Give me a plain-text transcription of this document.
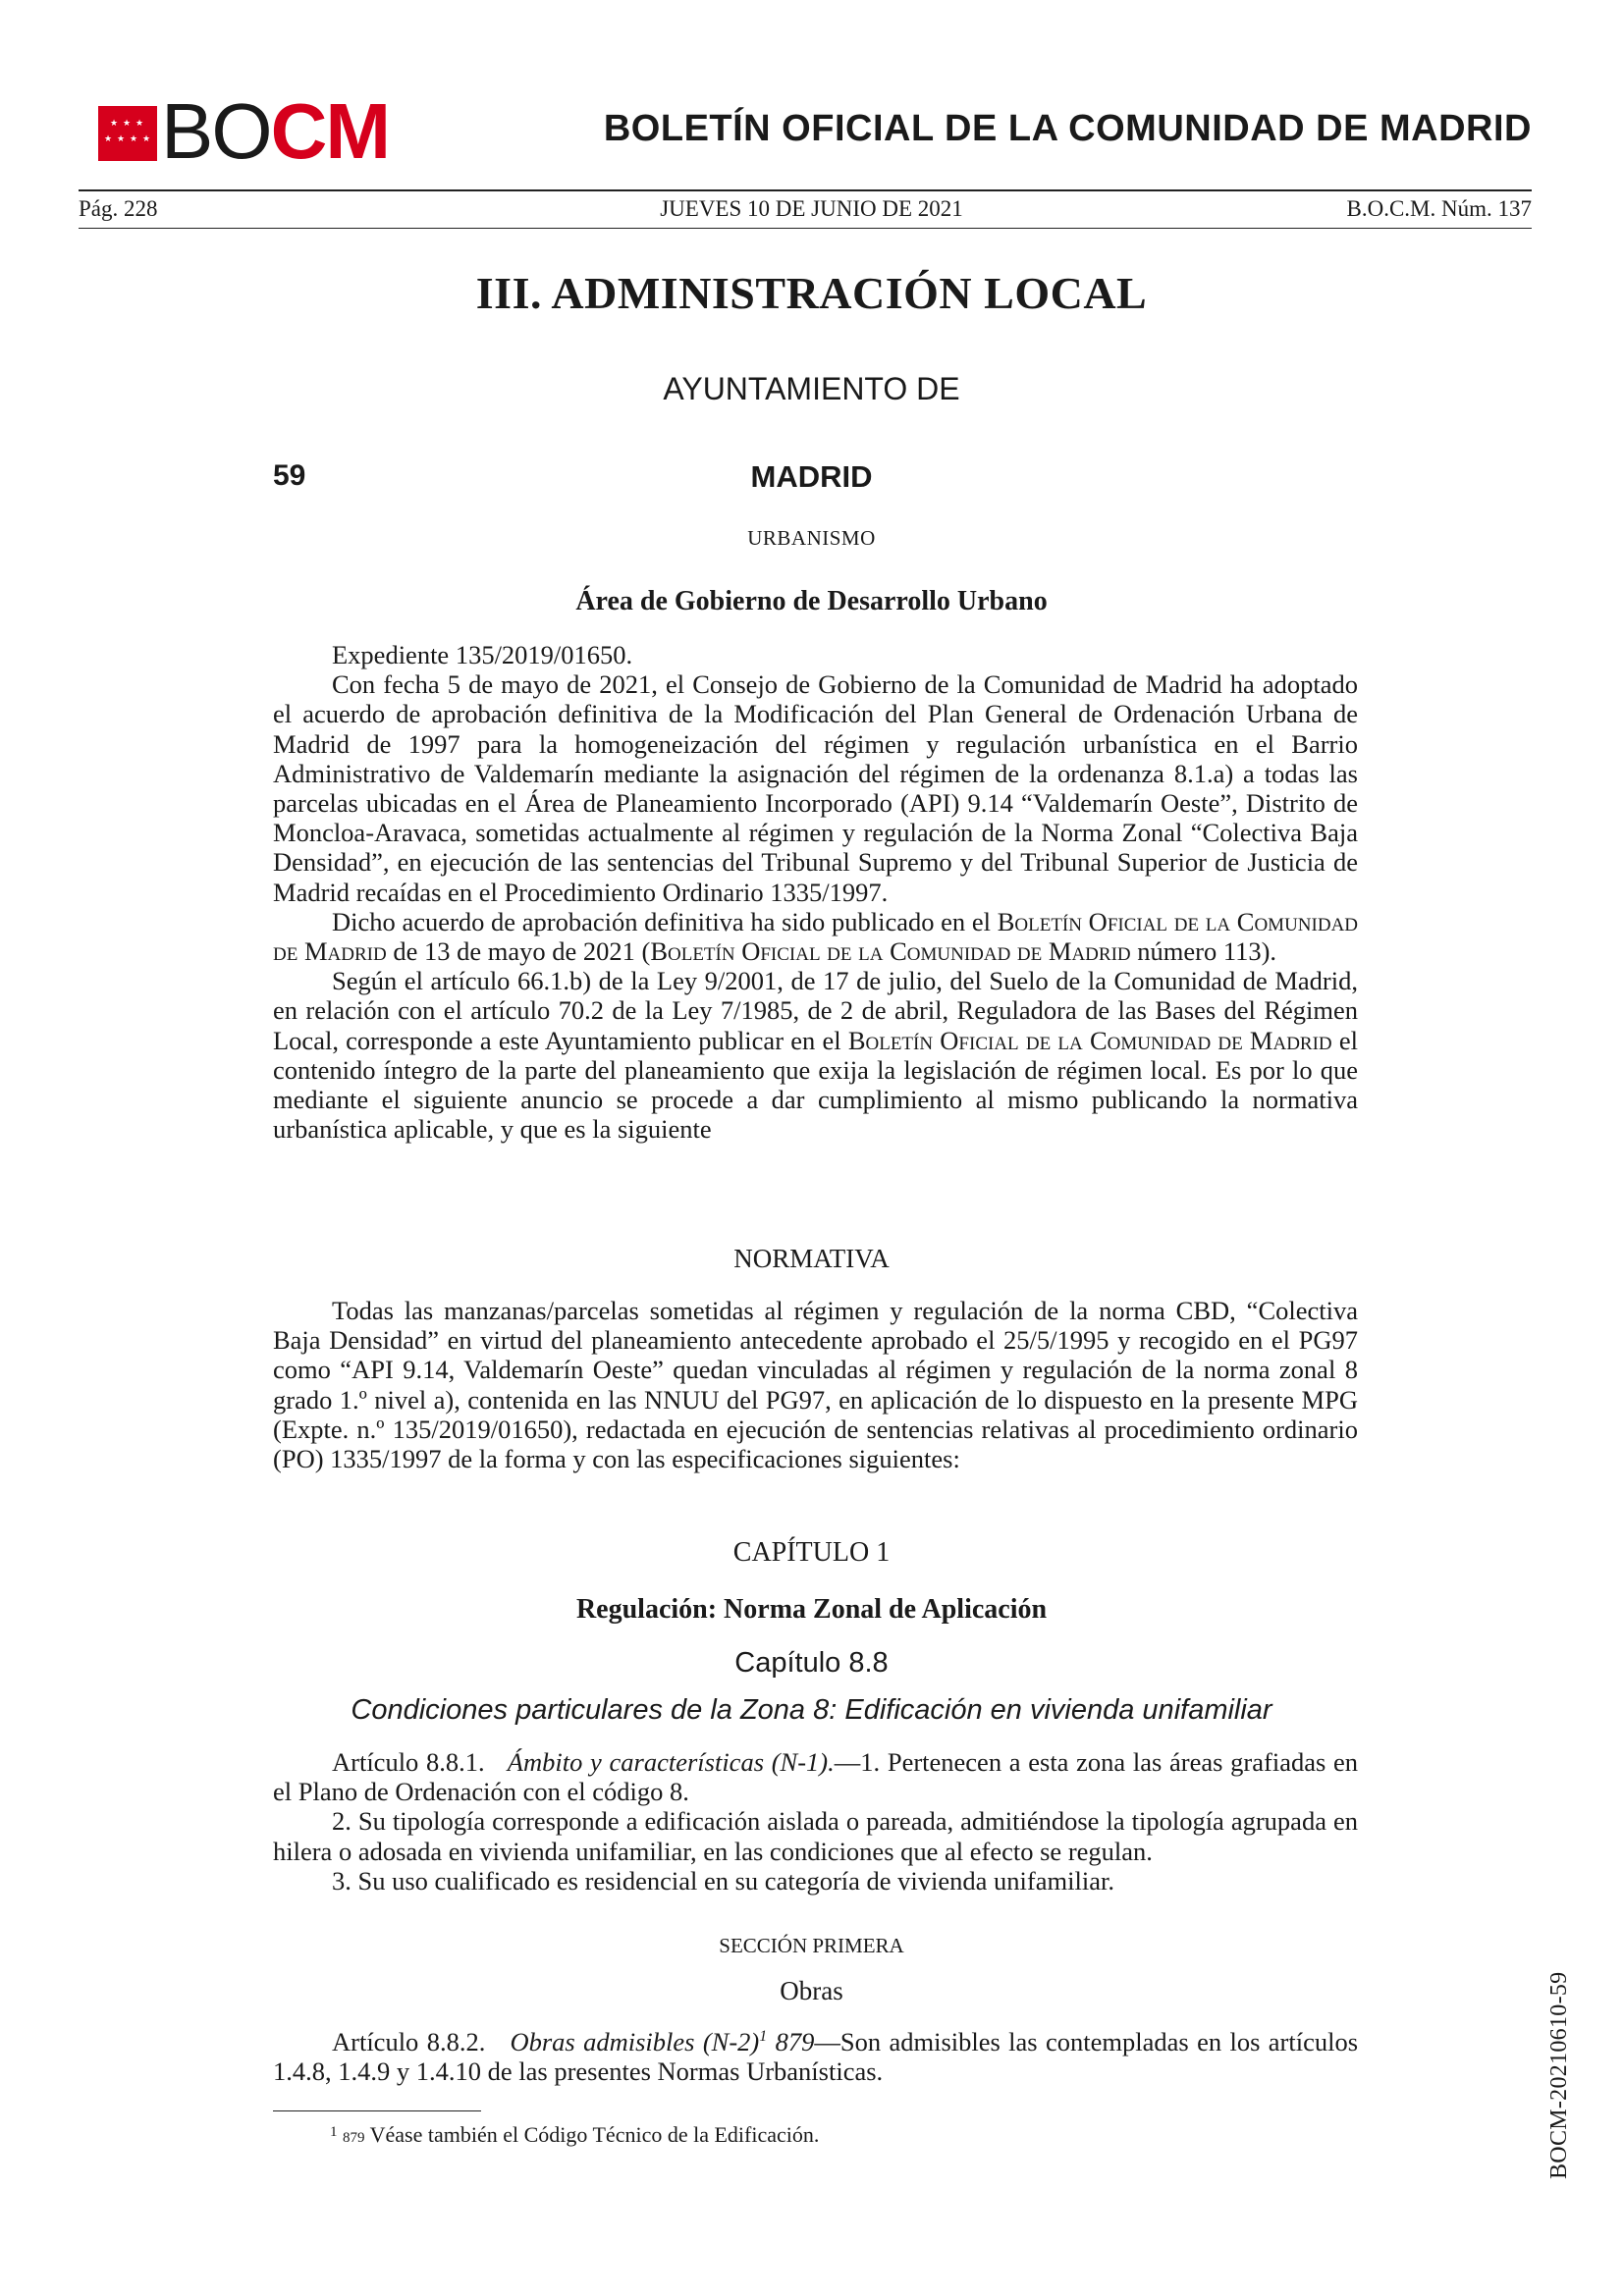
★ ★ ★
★ ★ ★ ★ BOCM	BOLETÍN OFICIAL DE LA COMUNIDAD DE MADRID
Pág. 228	JUEVES 10 DE JUNIO DE 2021	B.O.C.M. Núm. 137
III. ADMINISTRACIÓN LOCAL
AYUNTAMIENTO DE
59	MADRID
URBANISMO
Área de Gobierno de Desarrollo Urbano

Expediente 135/2019/01650.

Con fecha 5 de mayo de 2021, el Consejo de Gobierno de la Comunidad de Madrid ha adoptado el acuerdo de aprobación definitiva de la Modificación del Plan General de Ordenación Urbana de Madrid de 1997 para la homogeneización del régimen y regulación urbanística en el Barrio Administrativo de Valdemarín mediante la asignación del régimen de la ordenanza 8.1.a) a todas las parcelas ubicadas en el Área de Planeamiento Incorporado (API) 9.14 “Valdemarín Oeste”, Distrito de Moncloa-Aravaca, sometidas actualmente al régimen y regulación de la Norma Zonal “Colectiva Baja Densidad”, en ejecución de las sentencias del Tribunal Supremo y del Tribunal Superior de Justicia de Madrid recaídas en el Procedimiento Ordinario 1335/1997.

Dicho acuerdo de aprobación definitiva ha sido publicado en el Boletín Oficial de la Comunidad de Madrid de 13 de mayo de 2021 (Boletín Oficial de la Comunidad de Madrid número 113).

Según el artículo 66.1.b) de la Ley 9/2001, de 17 de julio, del Suelo de la Comunidad de Madrid, en relación con el artículo 70.2 de la Ley 7/1985, de 2 de abril, Reguladora de las Bases del Régimen Local, corresponde a este Ayuntamiento publicar en el Boletín Oficial de la Comunidad de Madrid el contenido íntegro de la parte del planeamiento que exija la legislación de régimen local. Es por lo que mediante el siguiente anuncio se procede a dar cumplimiento al mismo publicando la normativa urbanística aplicable, y que es la siguiente

NORMATIVA

Todas las manzanas/parcelas sometidas al régimen y regulación de la norma CBD, “Colectiva Baja Densidad” en virtud del planeamiento antecedente aprobado el 25/5/1995 y recogido en el PG97 como “API 9.14, Valdemarín Oeste” quedan vinculadas al régimen y regulación de la norma zonal 8 grado 1.º nivel a), contenida en las NNUU del PG97, en aplicación de lo dispuesto en la presente MPG (Expte. n.º 135/2019/01650), redactada en ejecución de sentencias relativas al procedimiento ordinario (PO) 1335/1997 de la forma y con las especificaciones siguientes:

CAPÍTULO 1
Regulación: Norma Zonal de Aplicación
Capítulo 8.8
Condiciones particulares de la Zona 8: Edificación en vivienda unifamiliar

Artículo 8.8.1. Ámbito y características (N-1).—1. Pertenecen a esta zona las áreas grafiadas en el Plano de Ordenación con el código 8.

2. Su tipología corresponde a edificación aislada o pareada, admitiéndose la tipología agrupada en hilera o adosada en vivienda unifamiliar, en las condiciones que al efecto se regulan.

3. Su uso cualificado es residencial en su categoría de vivienda unifamiliar.

SECCIÓN PRIMERA
Obras

Artículo 8.8.2. Obras admisibles $(N-2)^1$ 879—Son admisibles las contempladas en los artículos 1.4.8, 1.4.9 y 1.4.10 de las presentes Normas Urbanísticas.

$^1$ 879 Véase también el Código Técnico de la Edificación.	BOCM-20210610-59
